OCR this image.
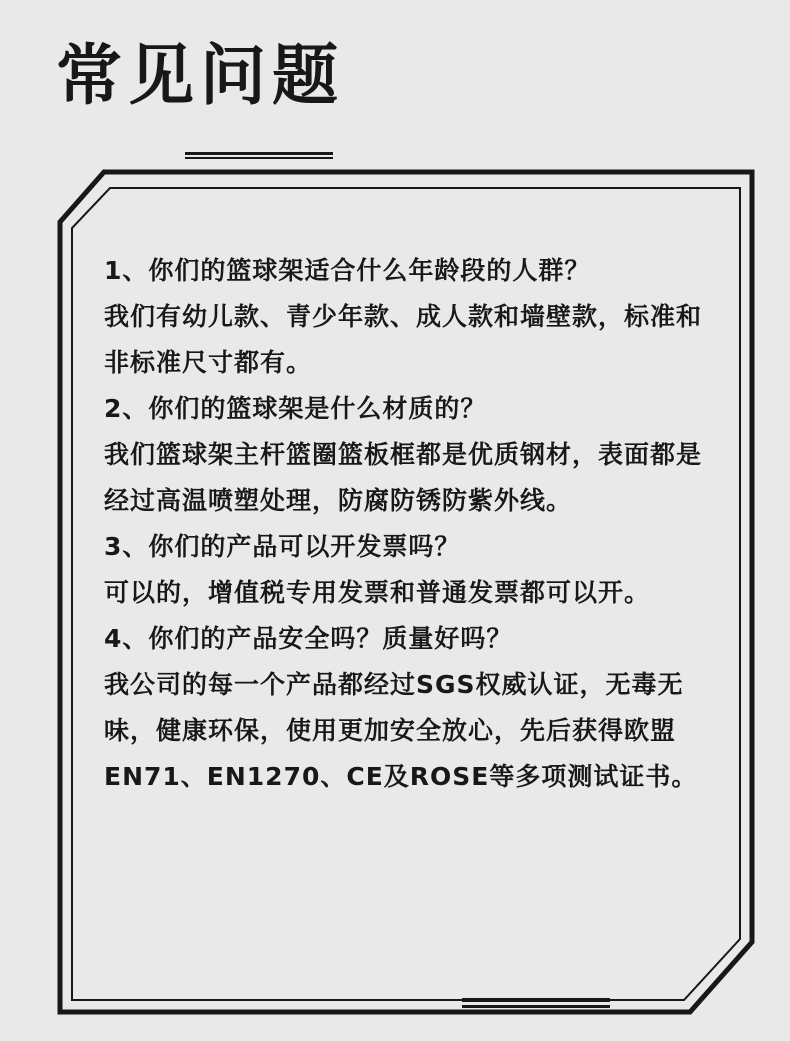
常见问题

1、你们的篮球架适合什么年龄段的人群？

我们有幼儿款、青少年款、成人款和墙壁款，标准和非标准尺寸都有。

2、你们的篮球架是什么材质的？

我们篮球架主杆篮圈篮板框都是优质钢材，表面都是经过高温喷塑处理，防腐防锈防紫外线。

3、你们的产品可以开发票吗？

可以的，增值税专用发票和普通发票都可以开。

4、你们的产品安全吗？质量好吗？

我公司的每一个产品都经过SGS权威认证，无毒无味，健康环保，使用更加安全放心，先后获得欧盟EN71、EN1270、CE及ROSE等多项测试证书。
